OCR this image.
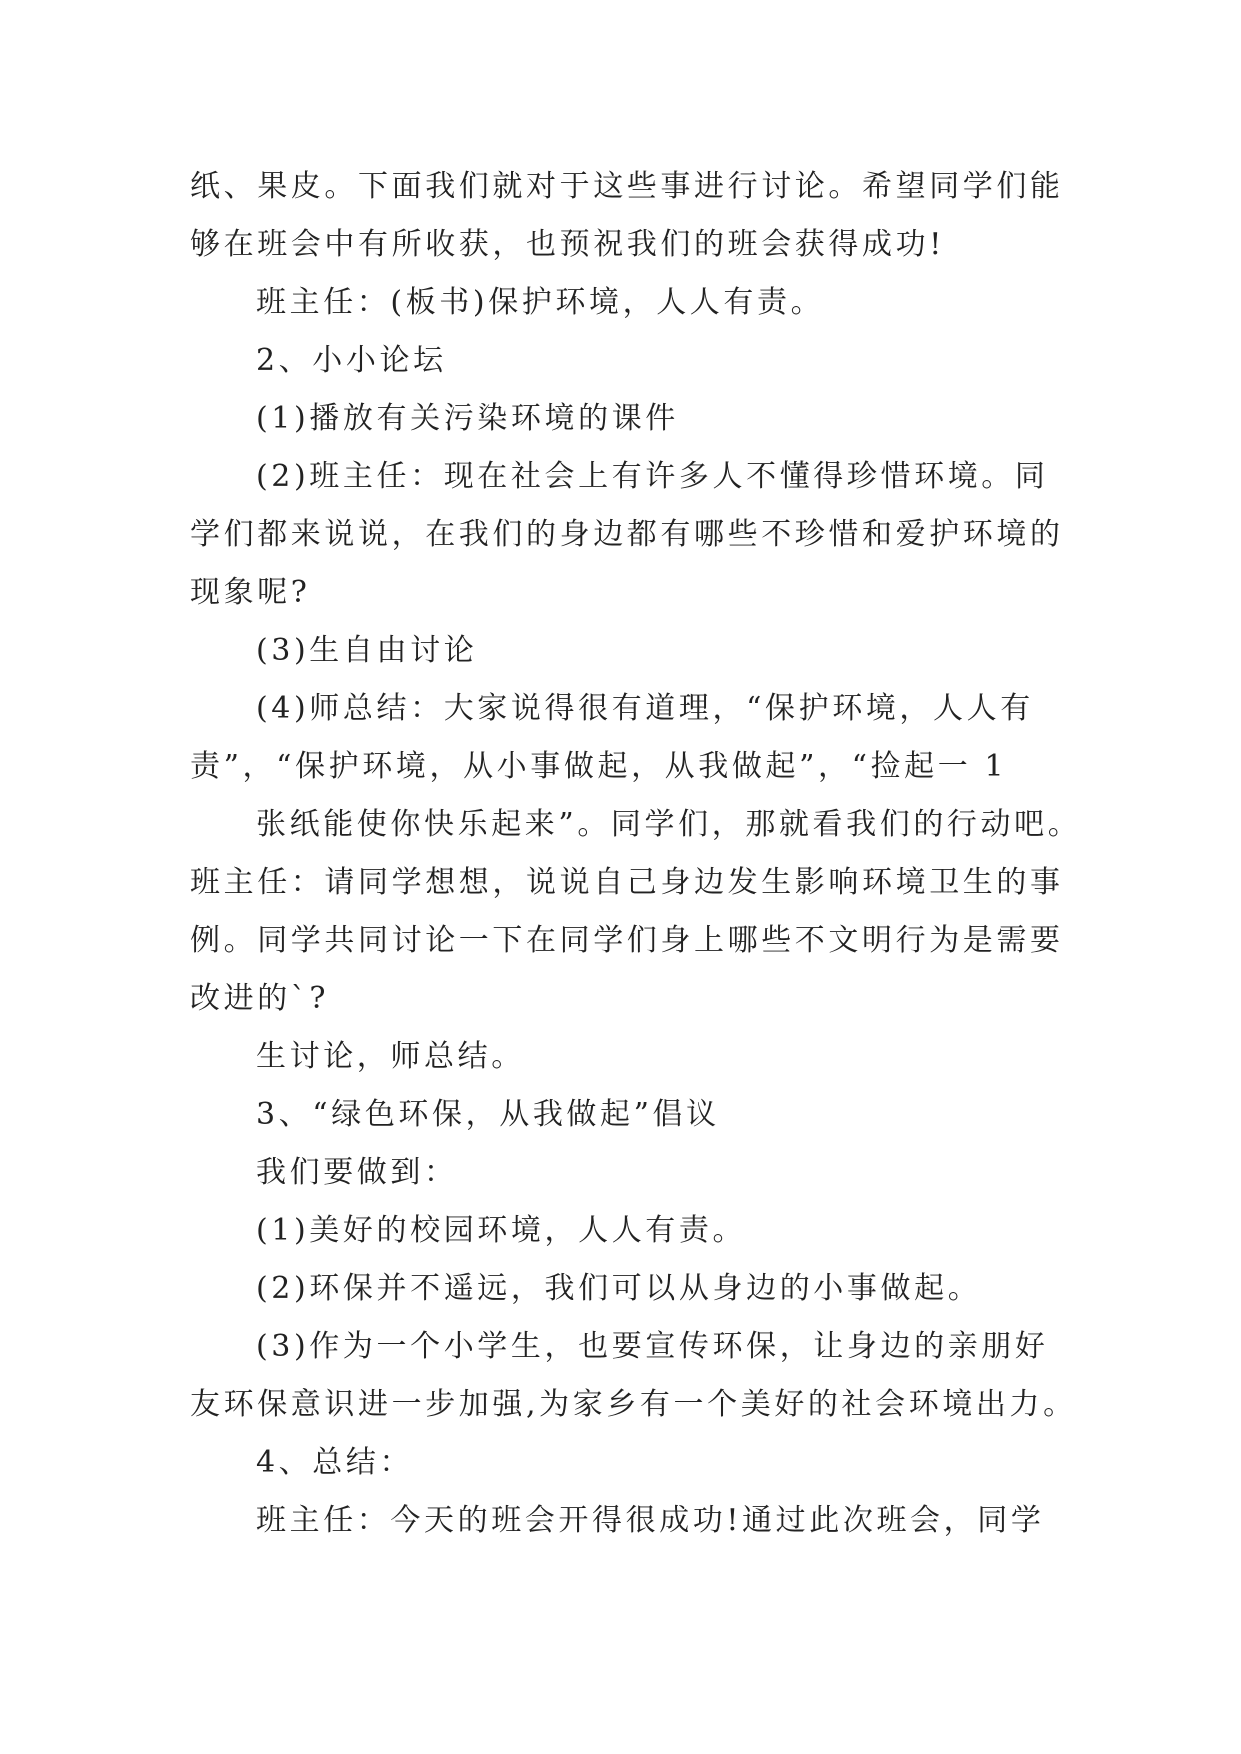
纸、果皮。下面我们就对于这些事进行讨论。希望同学们能
够在班会中有所收获，也预祝我们的班会获得成功!
班主任：(板书)保护环境，人人有责。
2、小小论坛
(1)播放有关污染环境的课件
(2)班主任：现在社会上有许多人不懂得珍惜环境。同
学们都来说说，在我们的身边都有哪些不珍惜和爱护环境的
现象呢?
(3)生自由讨论
(4)师总结：大家说得很有道理，“保护环境，人人有
责”，“保护环境，从小事做起，从我做起”，“捡起一 1
张纸能使你快乐起来”。同学们，那就看我们的行动吧。
班主任：请同学想想，说说自己身边发生影响环境卫生的事
例。同学共同讨论一下在同学们身上哪些不文明行为是需要
改进的`?
生讨论，师总结。
3、“绿色环保，从我做起”倡议
我们要做到：
(1)美好的校园环境，人人有责。
(2)环保并不遥远，我们可以从身边的小事做起。
(3)作为一个小学生，也要宣传环保，让身边的亲朋好
友环保意识进一步加强,为家乡有一个美好的社会环境出力。
4、总结：
班主任：今天的班会开得很成功!通过此次班会，同学
